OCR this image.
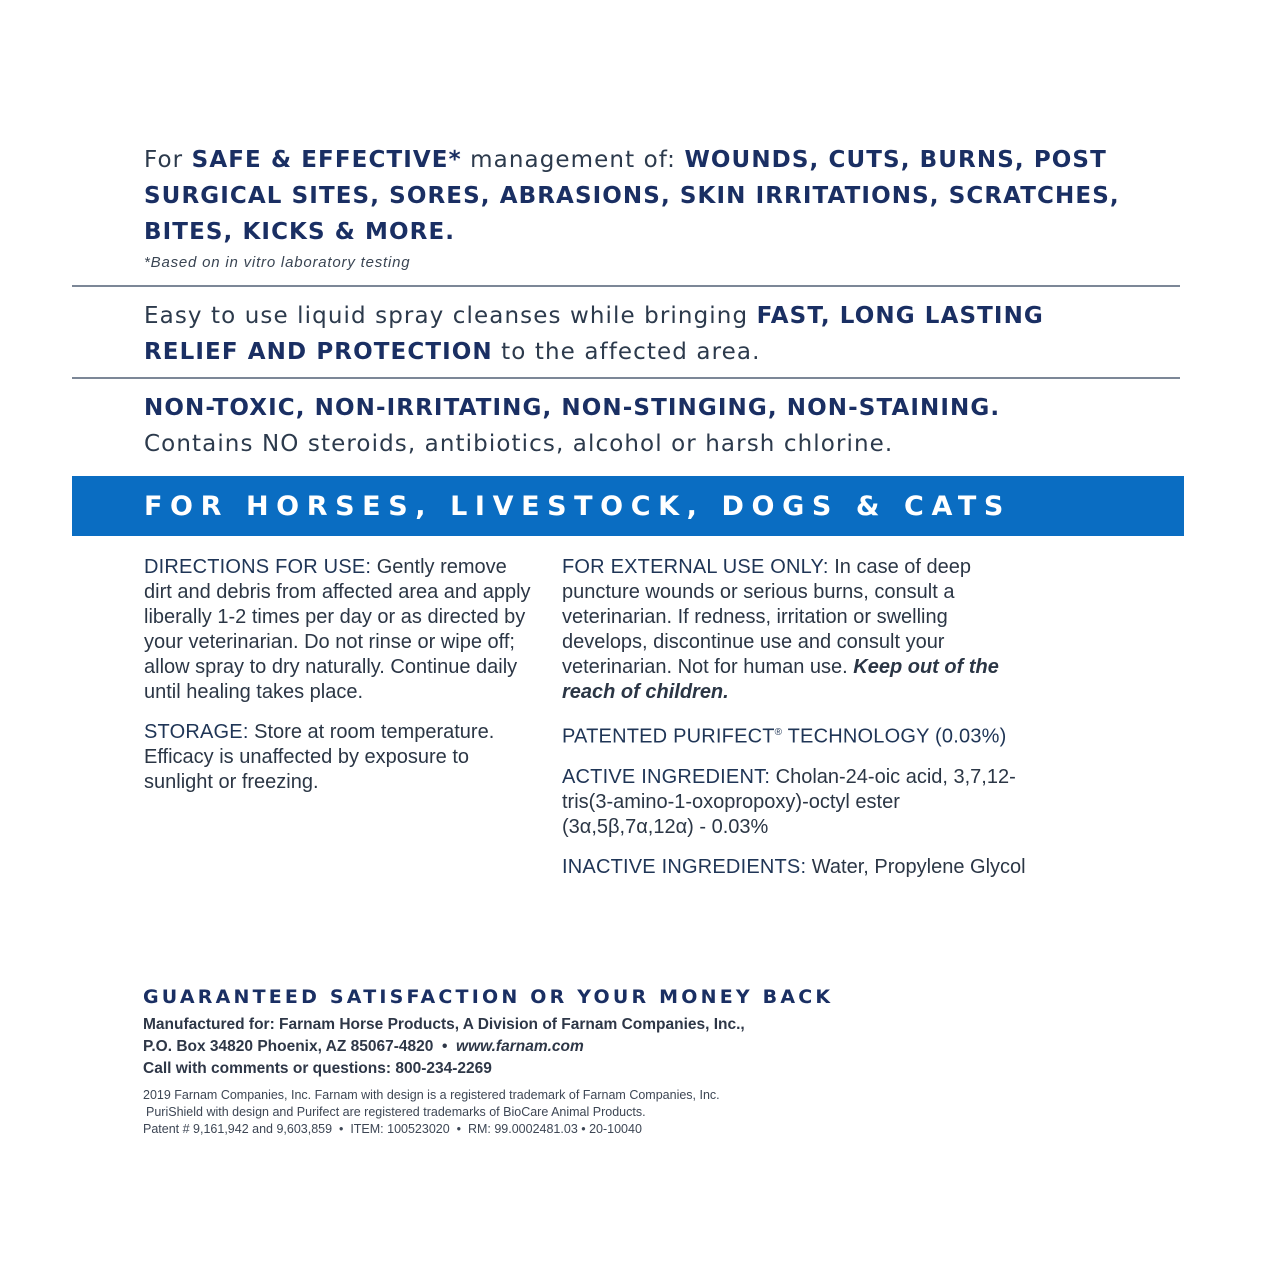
For SAFE & EFFECTIVE* management of: WOUNDS, CUTS, BURNS, POST SURGICAL SITES, SORES, ABRASIONS, SKIN IRRITATIONS, SCRATCHES, BITES, KICKS & MORE.

*Based on in vitro laboratory testing

Easy to use liquid spray cleanses while bringing FAST, LONG LASTING RELIEF AND PROTECTION to the affected area.

NON-TOXIC, NON-IRRITATING, NON-STINGING, NON-STAINING.

Contains NO steroids, antibiotics, alcohol or harsh chlorine.

FOR HORSES, LIVESTOCK, DOGS & CATS

DIRECTIONS FOR USE: Gently remove dirt and debris from affected area and apply liberally 1-2 times per day or as directed by your veterinarian. Do not rinse or wipe off; allow spray to dry naturally. Continue daily until healing takes place.

STORAGE: Store at room temperature. Efficacy is unaffected by exposure to sunlight or freezing.

FOR EXTERNAL USE ONLY: In case of deep puncture wounds or serious burns, consult a veterinarian. If redness, irritation or swelling develops, discontinue use and consult your veterinarian. Not for human use. Keep out of the reach of children.

PATENTED PURIFECT® TECHNOLOGY (0.03%)

ACTIVE INGREDIENT: Cholan-24-oic acid, 3,7,12-tris(3-amino-1-oxopropoxy)-octyl ester (3α,5β,7α,12α) - 0.03%

INACTIVE INGREDIENTS: Water, Propylene Glycol

GUARANTEED SATISFACTION OR YOUR MONEY BACK
Manufactured for: Farnam Horse Products, A Division of Farnam Companies, Inc.,
P.O. Box 34820 Phoenix, AZ 85067-4820  •  www.farnam.com
Call with comments or questions: 800-234-2269
2019 Farnam Companies, Inc. Farnam with design is a registered trademark of Farnam Companies, Inc.
PuriShield with design and Purifect are registered trademarks of BioCare Animal Products.
Patent # 9,161,942 and 9,603,859  •  ITEM: 100523020  •  RM: 99.0002481.03 • 20-10040
